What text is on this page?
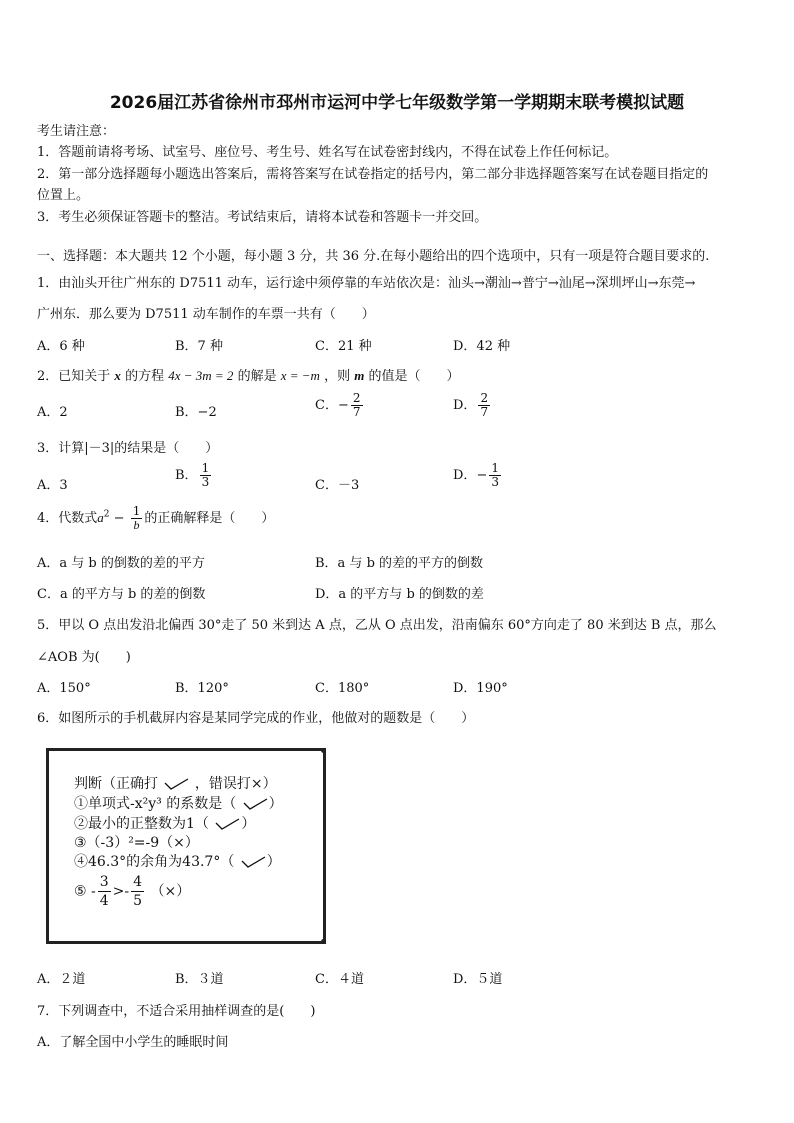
2026届江苏省徐州市邳州市运河中学七年级数学第一学期期末联考模拟试题
考生请注意：
1．答题前请将考场、试室号、座位号、考生号、姓名写在试卷密封线内，不得在试卷上作任何标记。
2．第一部分选择题每小题选出答案后，需将答案写在试卷指定的括号内，第二部分非选择题答案写在试卷题目指定的
位置上。
3．考生必须保证答题卡的整洁。考试结束后，请将本试卷和答题卡一并交回。
一、选择题：本大题共 12 个小题，每小题 3 分，共 36 分.在每小题给出的四个选项中，只有一项是符合题目要求的.
1．由汕头开往广州东的 D7511 动车，运行途中须停靠的车站依次是：汕头→潮汕→普宁→汕尾→深圳坪山→东莞→
广州东．那么要为 D7511 动车制作的车票一共有（　　）
A．6 种	B．7 种	C．21 种	D．42 种
2．已知关于 x 的方程 4x − 3m = 2 的解是 x = −m ，则 m 的值是（　　）
A．2	B．−2	C．− $\frac{2}{7}$	D． $\frac{2}{7}$
3．计算|－3|的结果是（　　）
A．3
B． $\frac{1}{3}$	C．－3
D．− $\frac{1}{3}$
4．代数式$a^2 - \frac{1}{b}$ 的正确解释是（　　）
A．a 与 b 的倒数的差的平方	B．a 与 b 的差的平方的倒数
C．a 的平方与 b 的差的倒数	D．a 的平方与 b 的倒数的差
5．甲以 O 点出发沿北偏西 30°走了 50 米到达 A 点，乙从 O 点出发，沿南偏东 60°方向走了 80 米到达 B 点，那么
∠AOB 为(　　)
A．150°	B．120°	C．180°	D．190°
6．如图所示的手机截屏内容是某同学完成的作业，他做对的题数是（　　）
判断（正确打	，错误打×）
①单项式-x²y³ 的系数是（ ）
②最小的正整数为1（ ）
③（-3）²=-9（×）
④46.3°的余角为43.7°（ ）
⑤ - $\frac{3}{4} >- \frac{4}{5}$ （×）
A．２道	B．３道	C．４道	D．５道
7．下列调查中，不适合采用抽样调查的是(　　)
A．了解全国中小学生的睡眠时间
